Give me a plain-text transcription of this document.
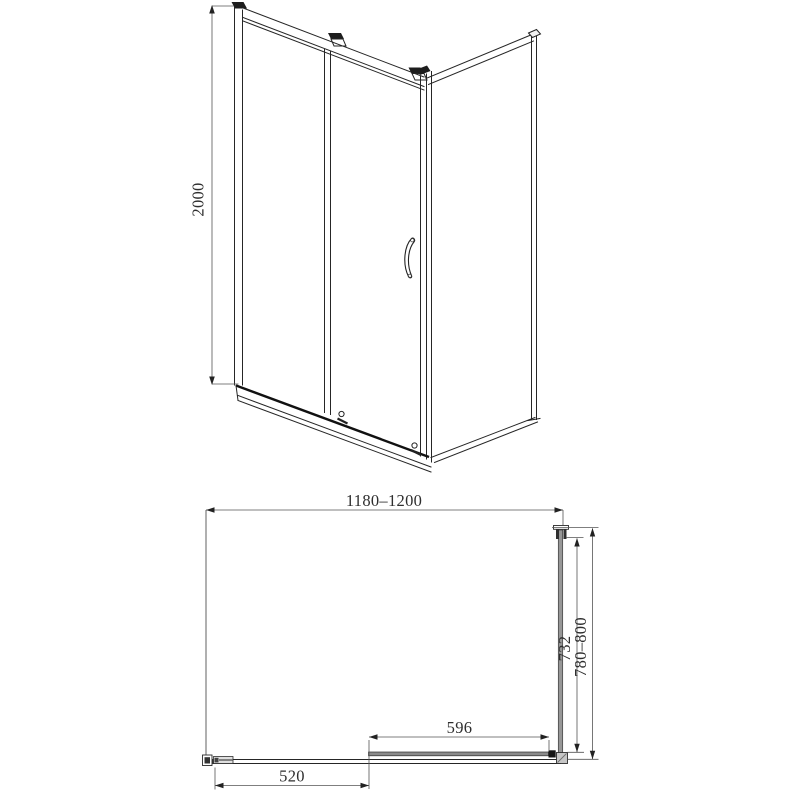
2000
1180–1200
596
520
732
780–800
